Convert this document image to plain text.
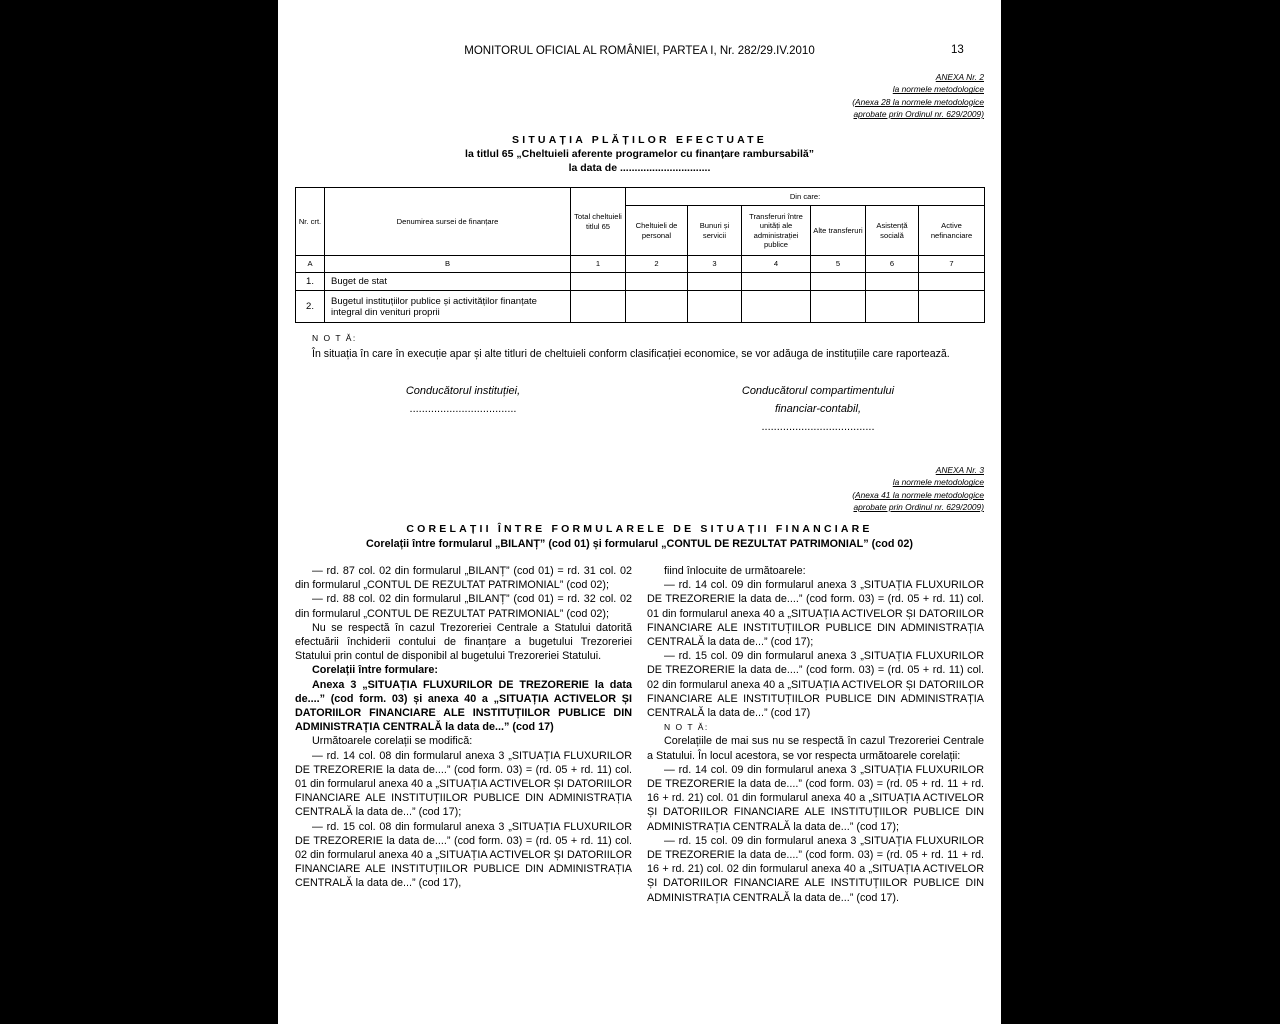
MONITORUL OFICIAL AL ROMÂNIEI, PARTEA I, Nr. 282/29.IV.2010	13
ANEXA Nr. 2
la normele metodologice
(Anexa 28 la normele metodologice
aprobate prin Ordinul nr. 629/2009)
SITUAȚIA PLĂȚILOR EFECTUATE
la titlul 65 „Cheltuieli aferente programelor cu finanțare rambursabilă”
la data de ...............................
Nr. crt.	Denumirea sursei de finanțare	Total cheltuieli titlul 65	Din care:					
			Cheltuieli de personal	Bunuri și servicii	Transferuri între unități ale administrației publice	Alte transferuri	Asistență socială	Active nefinanciare
A	B	1	2	3	4	5	6	7
1.	Buget de stat							
2.	Bugetul instituțiilor publice și activităților finanțate integral din venituri proprii							
N O T Ă:
În situația în care în execuție apar și alte titluri de cheltuieli conform clasificației economice, se vor adăuga de instituțiile care raportează.
Conducătorul instituției,
...................................
Conducătorul compartimentului
financiar-contabil,
.....................................
ANEXA Nr. 3
la normele metodologice
(Anexa 41 la normele metodologice
aprobate prin Ordinul nr. 629/2009)
CORELAȚII ÎNTRE FORMULARELE DE SITUAȚII FINANCIARE
Corelații între formularul „BILANȚ” (cod 01) și formularul „CONTUL DE REZULTAT PATRIMONIAL” (cod 02)

— rd. 87 col. 02 din formularul „BILANȚ” (cod 01) = rd. 31 col. 02 din formularul „CONTUL DE REZULTAT PATRIMONIAL” (cod 02);

— rd. 88 col. 02 din formularul „BILANȚ” (cod 01) = rd. 32 col. 02 din formularul „CONTUL DE REZULTAT PATRIMONIAL” (cod 02);

Nu se respectă în cazul Trezoreriei Centrale a Statului datorită efectuării închiderii contului de finanțare a bugetului Trezoreriei Statului prin contul de disponibil al bugetului Trezoreriei Statului.

Corelații între formulare:

Anexa 3 „SITUAȚIA FLUXURILOR DE TREZORERIE la data de....” (cod form. 03) și anexa 40 a „SITUAȚIA ACTIVELOR ȘI DATORIILOR FINANCIARE ALE INSTITUȚIILOR PUBLICE DIN ADMINISTRAȚIA CENTRALĂ la data de...” (cod 17)

Următoarele corelații se modifică:

— rd. 14 col. 08 din formularul anexa 3 „SITUAȚIA FLUXURILOR DE TREZORERIE la data de....” (cod form. 03) = (rd. 05 + rd. 11) col. 01 din formularul anexa 40 a „SITUAȚIA ACTIVELOR ȘI DATORIILOR FINANCIARE ALE INSTITUȚIILOR PUBLICE DIN ADMINISTRAȚIA CENTRALĂ la data de...” (cod 17);

— rd. 15 col. 08 din formularul anexa 3 „SITUAȚIA FLUXURILOR DE TREZORERIE la data de....” (cod form. 03) = (rd. 05 + rd. 11) col. 02 din formularul anexa 40 a „SITUAȚIA ACTIVELOR ȘI DATORIILOR FINANCIARE ALE INSTITUȚIILOR PUBLICE DIN ADMINISTRAȚIA CENTRALĂ la data de...” (cod 17),

fiind înlocuite de următoarele:

— rd. 14 col. 09 din formularul anexa 3 „SITUAȚIA FLUXURILOR DE TREZORERIE la data de....” (cod form. 03) = (rd. 05 + rd. 11) col. 01 din formularul anexa 40 a „SITUAȚIA ACTIVELOR ȘI DATORIILOR FINANCIARE ALE INSTITUȚIILOR PUBLICE DIN ADMINISTRAȚIA CENTRALĂ la data de...” (cod 17);

— rd. 15 col. 09 din formularul anexa 3 „SITUAȚIA FLUXURILOR DE TREZORERIE la data de....” (cod form. 03) = (rd. 05 + rd. 11) col. 02 din formularul anexa 40 a „SITUAȚIA ACTIVELOR ȘI DATORIILOR FINANCIARE ALE INSTITUȚIILOR PUBLICE DIN ADMINISTRAȚIA CENTRALĂ la data de...” (cod 17)

N O T Ă:

Corelațiile de mai sus nu se respectă în cazul Trezoreriei Centrale a Statului. În locul acestora, se vor respecta următoarele corelații:

— rd. 14 col. 09 din formularul anexa 3 „SITUAȚIA FLUXURILOR DE TREZORERIE la data de....” (cod form. 03) = (rd. 05 + rd. 11 + rd. 16 + rd. 21) col. 01 din formularul anexa 40 a „SITUAȚIA ACTIVELOR ȘI DATORIILOR FINANCIARE ALE INSTITUȚIILOR PUBLICE DIN ADMINISTRAȚIA CENTRALĂ la data de...” (cod 17);

— rd. 15 col. 09 din formularul anexa 3 „SITUAȚIA FLUXURILOR DE TREZORERIE la data de....” (cod form. 03) = (rd. 05 + rd. 11 + rd. 16 + rd. 21) col. 02 din formularul anexa 40 a „SITUAȚIA ACTIVELOR ȘI DATORIILOR FINANCIARE ALE INSTITUȚIILOR PUBLICE DIN ADMINISTRAȚIA CENTRALĂ la data de...” (cod 17).
